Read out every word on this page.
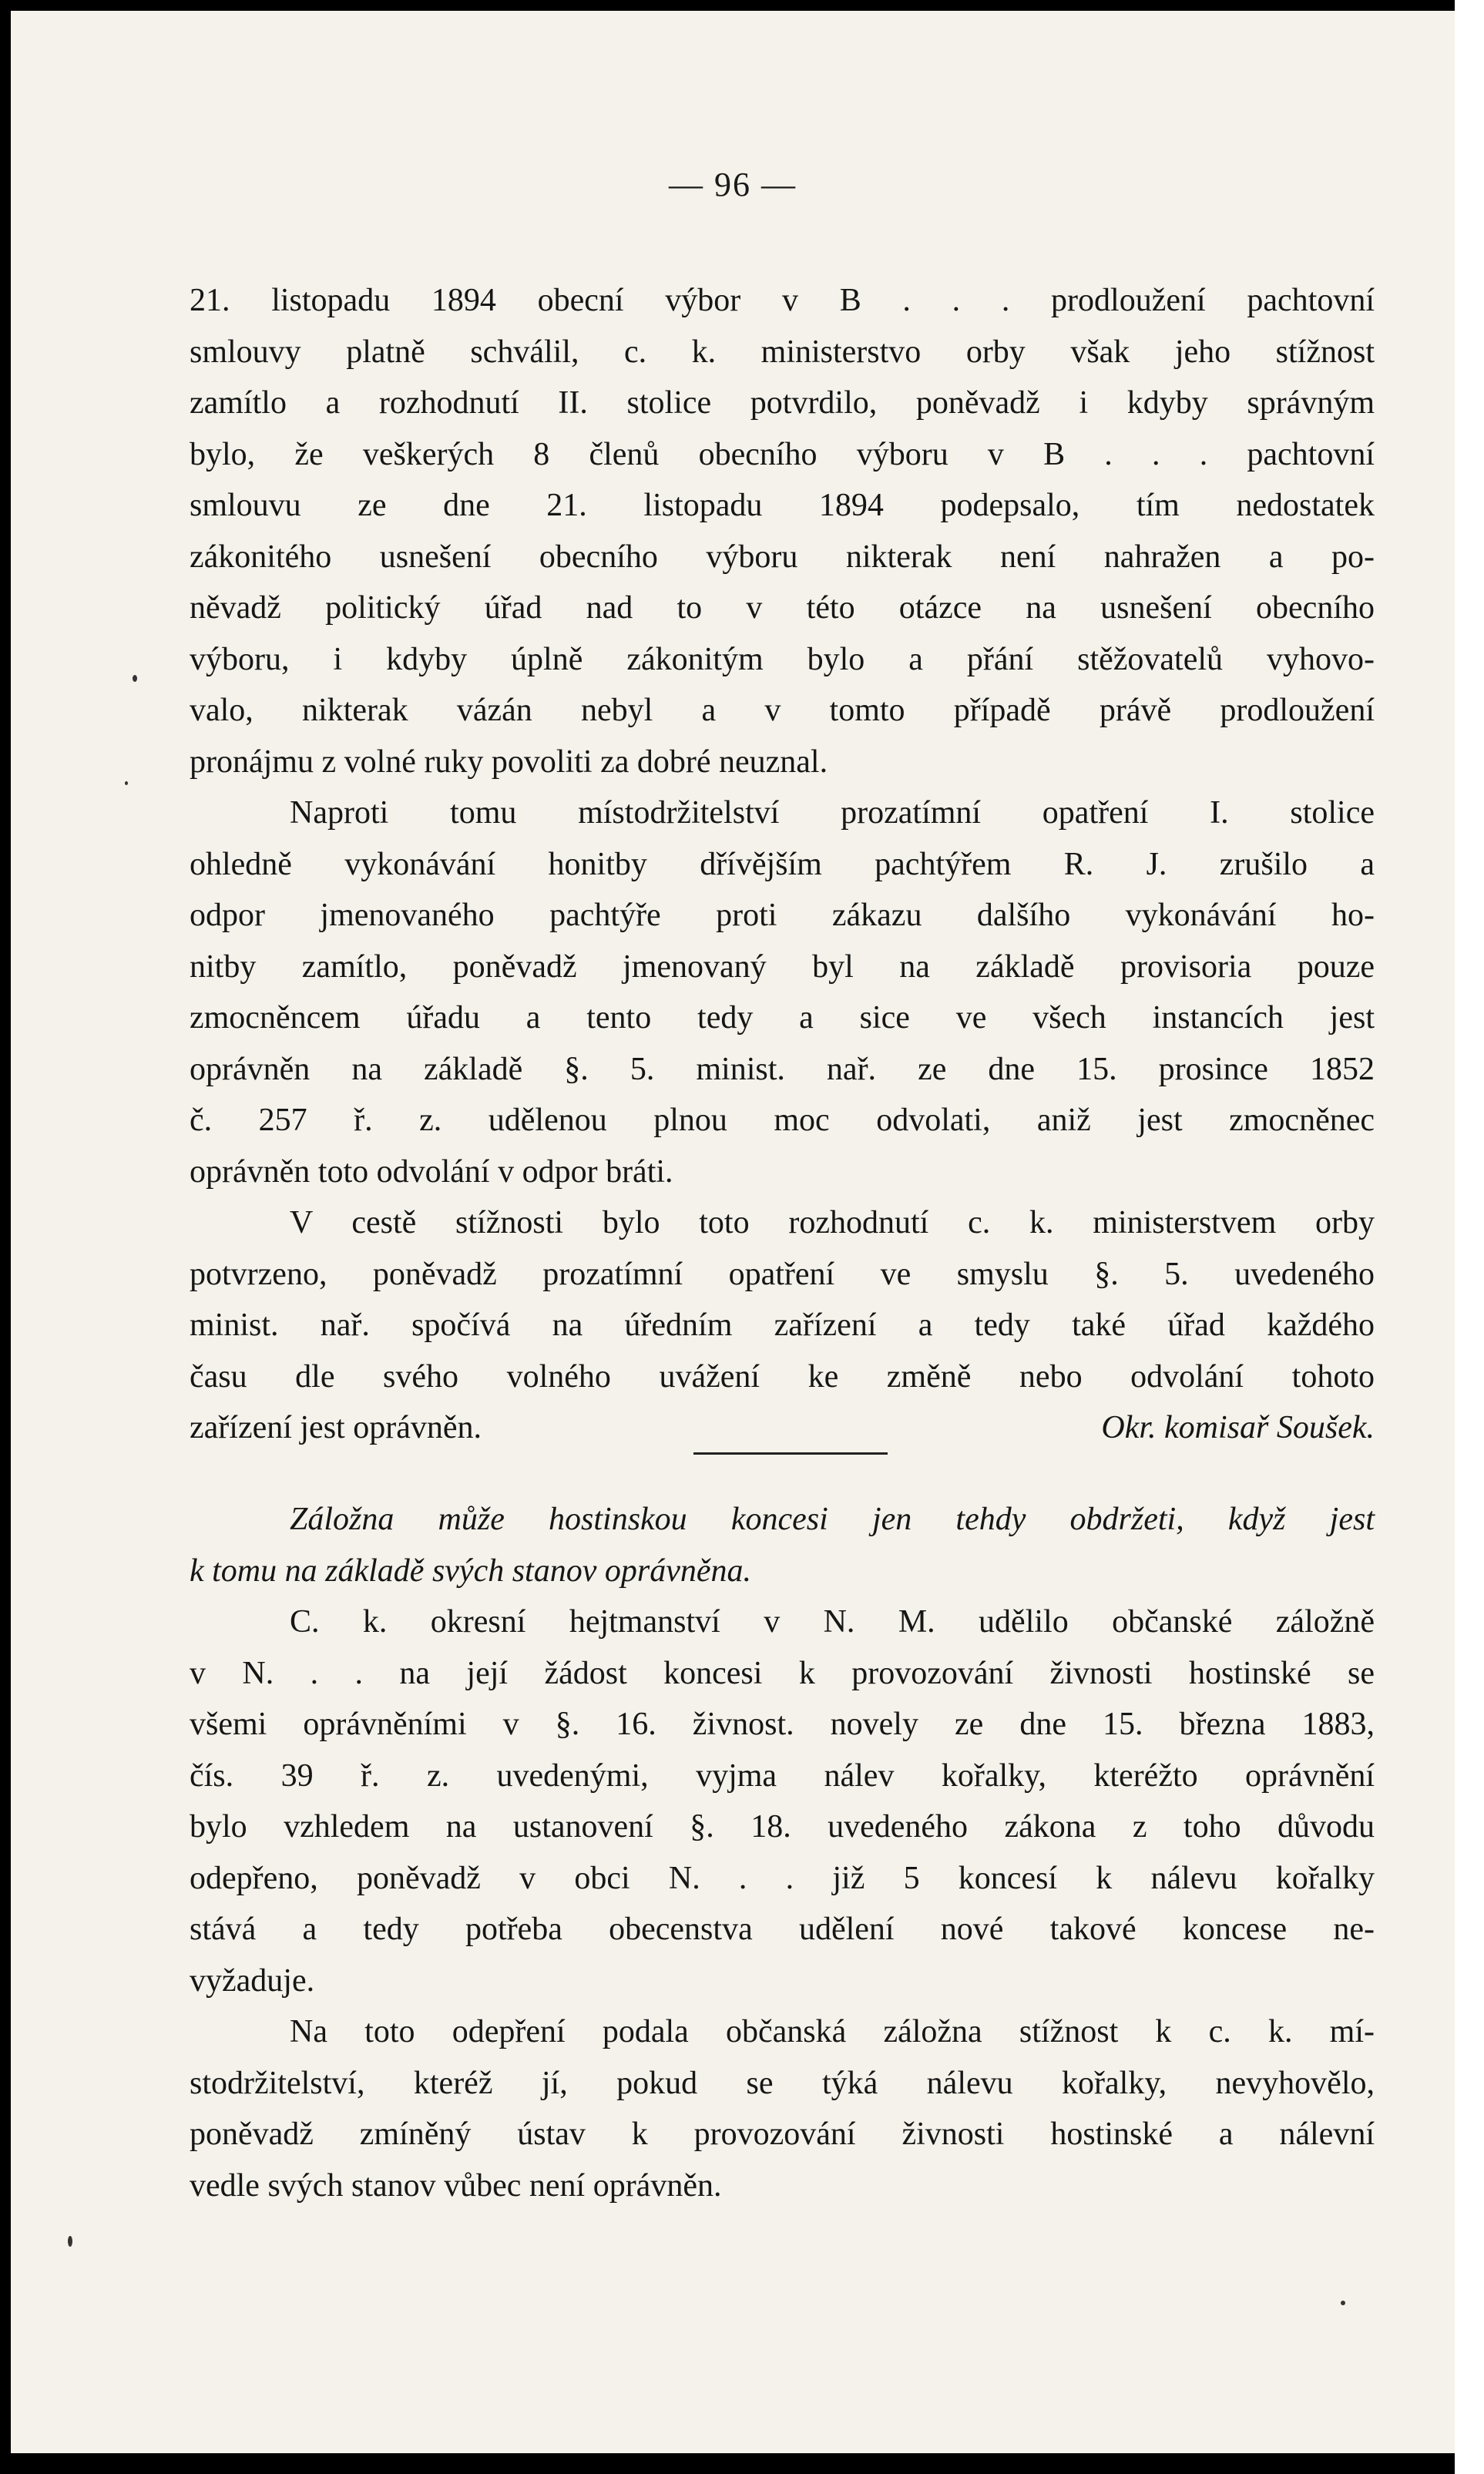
— 96 —
21. listopadu 1894 obecní výbor v B . . . prodloužení pachtovní
smlouvy platně schválil, c. k. ministerstvo orby však jeho stížnost
zamítlo a rozhodnutí II. stolice potvrdilo, poněvadž i kdyby správným
bylo, že veškerých 8 členů obecního výboru v B . . . pachtovní
smlouvu ze dne 21. listopadu 1894 podepsalo, tím nedostatek
zákonitého usnešení obecního výboru nikterak není nahražen a po-
něvadž politický úřad nad to v této otázce na usnešení obecního
výboru, i kdyby úplně zákonitým bylo a přání stěžovatelů vyhovo-
valo, nikterak vázán nebyl a v tomto případě právě prodloužení
pronájmu z volné ruky povoliti za dobré neuznal.
Naproti tomu místodržitelství prozatímní opatření I. stolice
ohledně vykonávání honitby dřívějším pachtýřem R. J. zrušilo a
odpor jmenovaného pachtýře proti zákazu dalšího vykonávání ho-
nitby zamítlo, poněvadž jmenovaný byl na základě provisoria pouze
zmocněncem úřadu a tento tedy a sice ve všech instancích jest
oprávněn na základě §. 5. minist. nař. ze dne 15. prosince 1852
č. 257 ř. z. udělenou plnou moc odvolati, aniž jest zmocněnec
oprávněn toto odvolání v odpor bráti.
V cestě stížnosti bylo toto rozhodnutí c. k. ministerstvem orby
potvrzeno, poněvadž prozatímní opatření ve smyslu §. 5. uvedeného
minist. nař. spočívá na úředním zařízení a tedy také úřad každého
času dle svého volného uvážení ke změně nebo odvolání tohoto
zařízení jest oprávněn.	Okr. komisař Soušek.
Záložna může hostinskou koncesi jen tehdy obdržeti, když jest
k tomu na základě svých stanov oprávněna.
C. k. okresní hejtmanství v N. M. udělilo občanské záložně
v N. . . na její žádost koncesi k provozování živnosti hostinské se
všemi oprávněními v §. 16. živnost. novely ze dne 15. března 1883,
čís. 39 ř. z. uvedenými, vyjma nálev kořalky, kteréžto oprávnění
bylo vzhledem na ustanovení §. 18. uvedeného zákona z toho důvodu
odepřeno, poněvadž v obci N. . . již 5 koncesí k nálevu kořalky
stává a tedy potřeba obecenstva udělení nové takové koncese ne-
vyžaduje.
Na toto odepření podala občanská záložna stížnost k c. k. mí-
stodržitelství, kteréž jí, pokud se týká nálevu kořalky, nevyhovělo,
poněvadž zmíněný ústav k provozování živnosti hostinské a nálevní
vedle svých stanov vůbec není oprávněn.
